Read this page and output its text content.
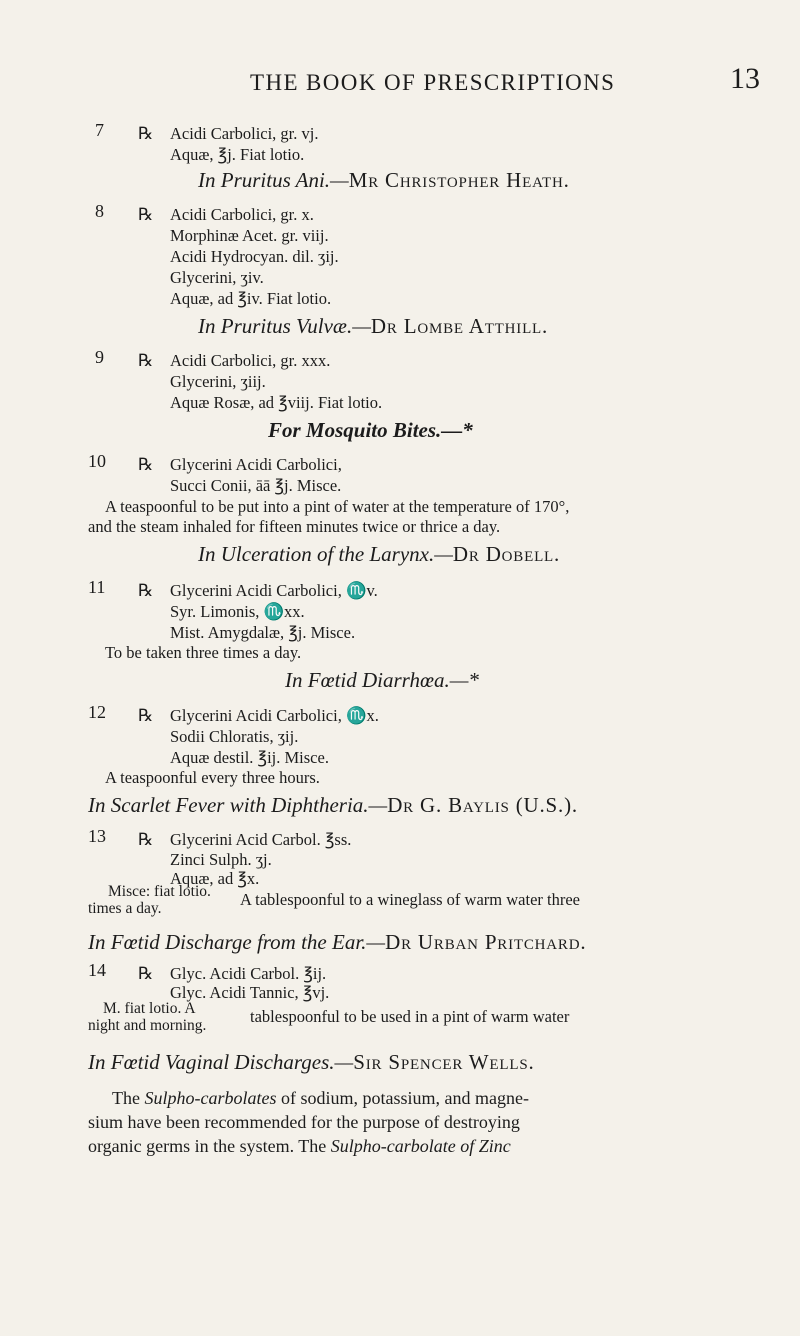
THE BOOK OF PRESCRIPTIONS	13
7 ℞ Acidi Carbolici, gr. vj.
Aquæ, ℥j. Fiat lotio.
In Pruritus Ani.—Mr Christopher Heath.
8 ℞ Acidi Carbolici, gr. x.
Morphinæ Acet. gr. viij.
Acidi Hydrocyan. dil. ʒij.
Glycerini, ʒiv.
Aquæ, ad ℥iv. Fiat lotio.
In Pruritus Vulvæ.—Dr Lombe Atthill.
9 ℞ Acidi Carbolici, gr. xxx.
Glycerini, ʒiij.
Aquæ Rosæ, ad ℥viij. Fiat lotio.
For Mosquito Bites.—*
10 ℞ Glycerini Acidi Carbolici,
Succi Conii, āā ℥j. Misce.
A teaspoonful to be put into a pint of water at the temperature of 170°,
and the steam inhaled for fifteen minutes twice or thrice a day.
In Ulceration of the Larynx.—Dr Dobell.
11 ℞ Glycerini Acidi Carbolici, ♏v.
Syr. Limonis, ♏xx.
Mist. Amygdalæ, ℥j. Misce.
To be taken three times a day.
In Fœtid Diarrhœa.—*
12 ℞ Glycerini Acidi Carbolici, ♏x.
Sodii Chloratis, ʒij.
Aquæ destil. ℥ij. Misce.
A teaspoonful every three hours.
In Scarlet Fever with Diphtheria.—Dr G. Baylis (U.S.).
13 ℞ Glycerini Acid Carbol. ℥ss.
Zinci Sulph. ʒj.
Aquæ, ad ℥x.
Misce: fiat lotio.
times a day.	A tablespoonful to a wineglass of warm water three
In Fœtid Discharge from the Ear.—Dr Urban Pritchard.
14 ℞ Glyc. Acidi Carbol. ℥ij.
Glyc. Acidi Tannic, ℥vj.
M. fiat lotio. A
night and morning.	tablespoonful to be used in a pint of warm water
In Fœtid Vaginal Discharges.—Sir Spencer Wells.
The Sulpho-carbolates of sodium, potassium, and magne-
sium have been recommended for the purpose of destroying
organic germs in the system. The Sulpho-carbolate of Zinc
